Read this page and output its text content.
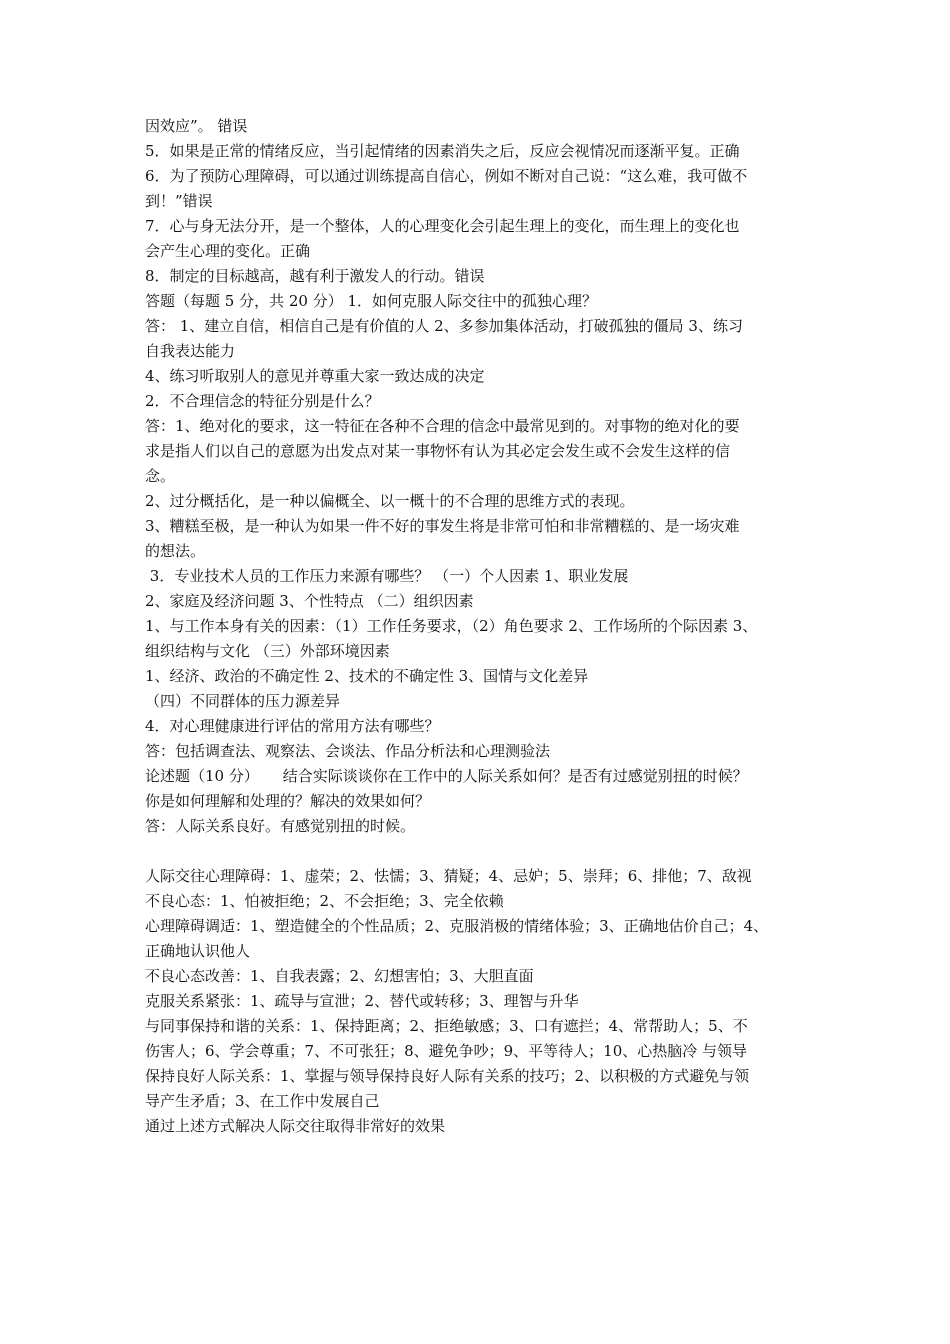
因效应”。 错误
5．如果是正常的情绪反应，当引起情绪的因素消失之后，反应会视情况而逐渐平复。正确
6．为了预防心理障碍，可以通过训练提高自信心，例如不断对自己说：“这么难，我可做不
到！”错误
7．心与身无法分开，是一个整体，人的心理变化会引起生理上的变化，而生理上的变化也
会产生心理的变化。正确
8．制定的目标越高，越有利于激发人的行动。错误
答题（每题 5 分，共 20 分） 1．如何克服人际交往中的孤独心理？
答： 1、建立自信，相信自己是有价值的人 2、多参加集体活动，打破孤独的僵局 3、练习
自我表达能力
4、练习听取别人的意见并尊重大家一致达成的决定
2．不合理信念的特征分别是什么？
答：1、绝对化的要求，这一特征在各种不合理的信念中最常见到的。对事物的绝对化的要
求是指人们以自己的意愿为出发点对某一事物怀有认为其必定会发生或不会发生这样的信
念。
2、过分概括化，是一种以偏概全、以一概十的不合理的思维方式的表现。
3、糟糕至极，是一种认为如果一件不好的事发生将是非常可怕和非常糟糕的、是一场灾难
的想法。
3．专业技术人员的工作压力来源有哪些？ （一）个人因素 1、职业发展
2、家庭及经济问题 3、个性特点 （二）组织因素
1、与工作本身有关的因素：（1）工作任务要求，（2）角色要求 2、工作场所的个际因素 3、
组织结构与文化 （三）外部环境因素
1、经济、政治的不确定性 2、技术的不确定性 3、国情与文化差异
（四）不同群体的压力源差异
4．对心理健康进行评估的常用方法有哪些？
答：包括调查法、观察法、会谈法、作品分析法和心理测验法
论述题（10 分）     结合实际谈谈你在工作中的人际关系如何？是否有过感觉别扭的时候？
你是如何理解和处理的？解决的效果如何？
答：人际关系良好。有感觉别扭的时候。
人际交往心理障碍：1、虚荣；2、怯懦；3、猜疑；4、忌妒；5、崇拜；6、排他；7、敌视
不良心态：1、怕被拒绝；2、不会拒绝；3、完全依赖
心理障碍调适：1、塑造健全的个性品质；2、克服消极的情绪体验；3、正确地估价自己；4、
正确地认识他人
不良心态改善：1、自我表露；2、幻想害怕；3、大胆直面
克服关系紧张：1、疏导与宣泄；2、替代或转移；3、理智与升华
与同事保持和谐的关系：1、保持距离；2、拒绝敏感；3、口有遮拦；4、常帮助人；5、不
伤害人；6、学会尊重；7、不可张狂；8、避免争吵；9、平等待人；10、心热脑冷 与领导
保持良好人际关系：1、掌握与领导保持良好人际有关系的技巧；2、以积极的方式避免与领
导产生矛盾；3、在工作中发展自己
通过上述方式解决人际交往取得非常好的效果
